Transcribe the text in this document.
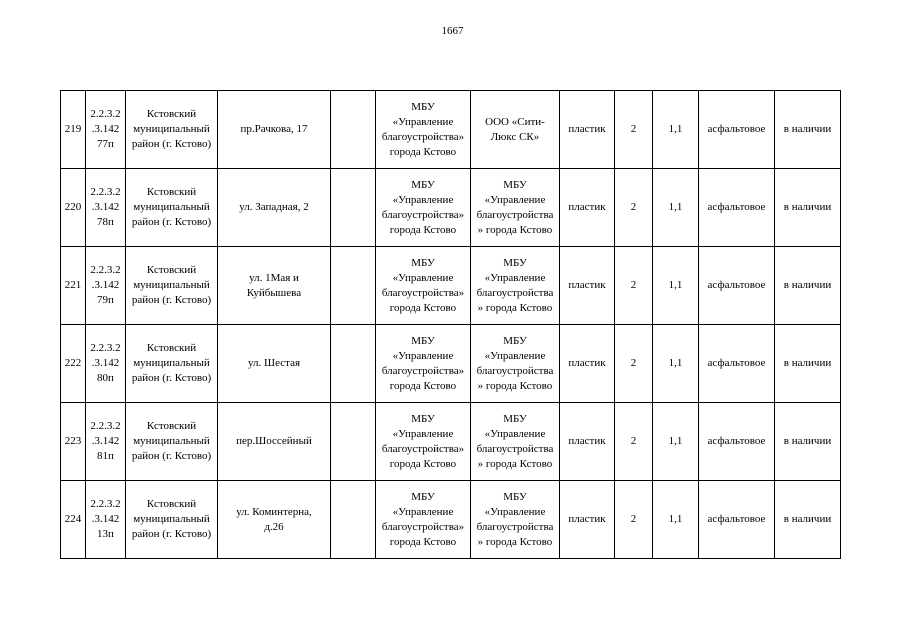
1667
219	2.2.3.2
.3.142
77п	Кстовский
муниципальный
район (г. Кстово)	пр.Рачкова, 17		МБУ
«Управление
благоустройства»
города Кстово	ООО «Сити-
Люкс СК»	пластик	2	1,1	асфальтовое	в наличии
220	2.2.3.2
.3.142
78п	Кстовский
муниципальный
район (г. Кстово)	ул. Западная, 2		МБУ
«Управление
благоустройства»
города Кстово	МБУ
«Управление
благоустройства
» города Кстово	пластик	2	1,1	асфальтовое	в наличии
221	2.2.3.2
.3.142
79п	Кстовский
муниципальный
район (г. Кстово)	ул. 1Мая и
Куйбышева		МБУ
«Управление
благоустройства»
города Кстово	МБУ
«Управление
благоустройства
» города Кстово	пластик	2	1,1	асфальтовое	в наличии
222	2.2.3.2
.3.142
80п	Кстовский
муниципальный
район (г. Кстово)	ул. Шестая		МБУ
«Управление
благоустройства»
города Кстово	МБУ
«Управление
благоустройства
» города Кстово	пластик	2	1,1	асфальтовое	в наличии
223	2.2.3.2
.3.142
81п	Кстовский
муниципальный
район (г. Кстово)	пер.Шоссейный		МБУ
«Управление
благоустройства»
города Кстово	МБУ
«Управление
благоустройства
» города Кстово	пластик	2	1,1	асфальтовое	в наличии
224	2.2.3.2
.3.142
13п	Кстовский
муниципальный
район (г. Кстово)	ул. Коминтерна,
д.26		МБУ
«Управление
благоустройства»
города Кстово	МБУ
«Управление
благоустройства
» города Кстово	пластик	2	1,1	асфальтовое	в наличии
